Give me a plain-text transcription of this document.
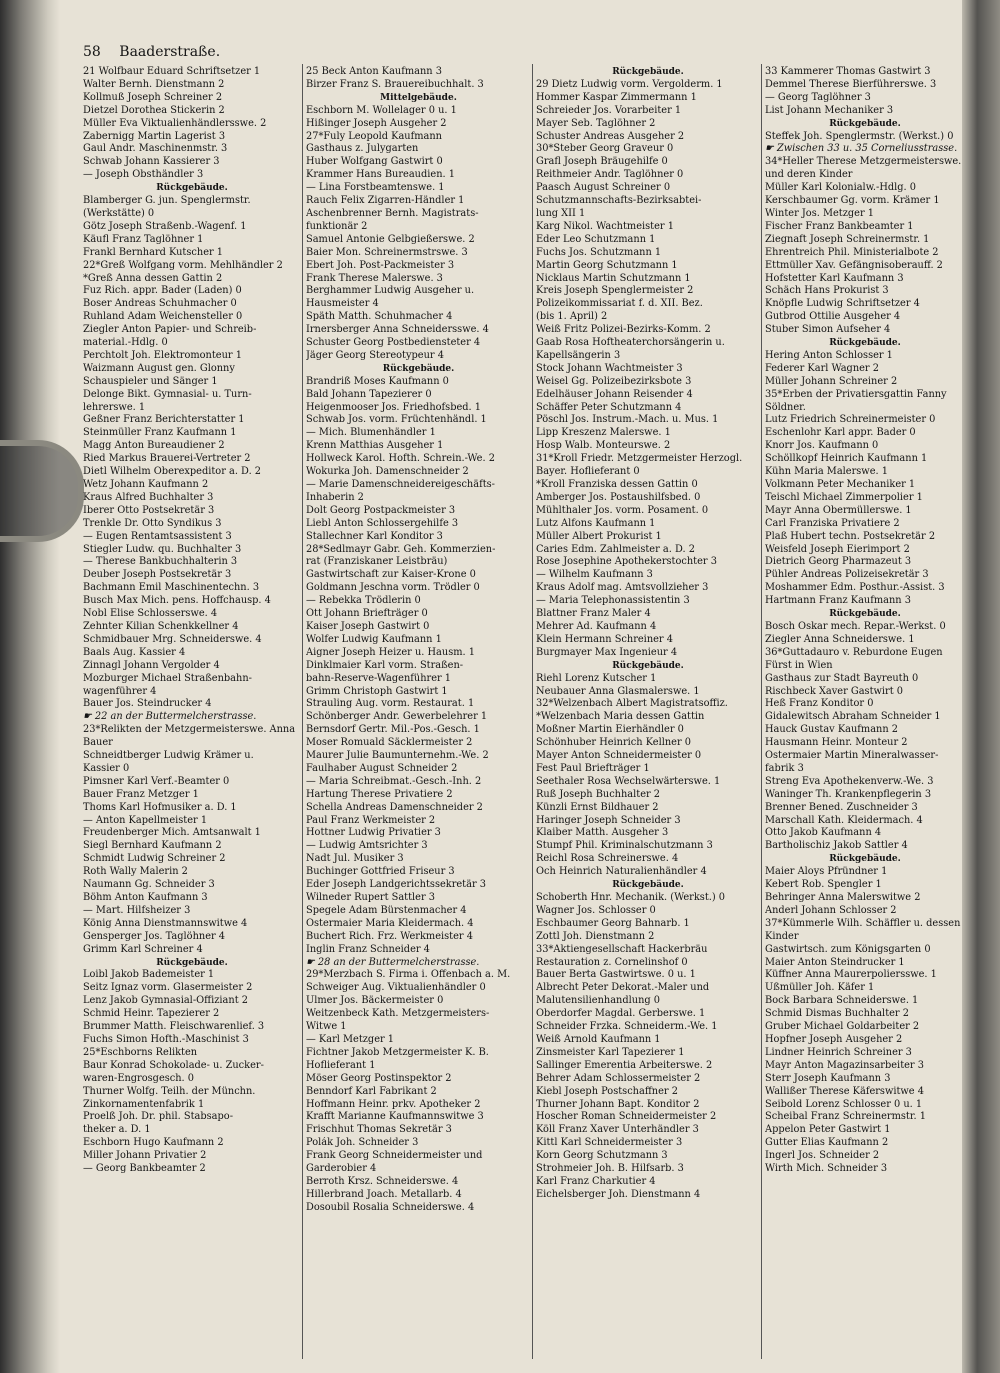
58 Baaderstraße.
21 Wolfbaur Eduard Schriftsetzer 1
Walter Bernh. Dienstmann 2
Kollmuß Joseph Schreiner 2
Dietzel Dorothea Stickerin 2
Müller Eva Viktualienhändlersswe. 2
Zabernigg Martin Lagerist 3
Gaul Andr. Maschinenmstr. 3
Schwab Johann Kassierer 3
— Joseph Obsthändler 3
Rückgebäude.
Blamberger G. jun. Spenglermstr.
(Werkstätte) 0
Götz Joseph Straßenb.-Wagenf. 1
Käufl Franz Taglöhner 1
Frankl Bernhard Kutscher 1
22*Greß Wolfgang vorm. Mehlhändler 2
*Greß Anna dessen Gattin 2
Fuz Rich. appr. Bader (Laden) 0
Boser Andreas Schuhmacher 0
Ruhland Adam Weichensteller 0
Ziegler Anton Papier- und Schreib-
material.-Hdlg. 0
Perchtolt Joh. Elektromonteur 1
Waizmann August gen. Glonny
Schauspieler und Sänger 1
Delonge Bikt. Gymnasial- u. Turn-
lehrerswe. 1
Geßner Franz Berichterstatter 1
Steinmüller Franz Kaufmann 1
Magg Anton Bureaudiener 2
Ried Markus Brauerei-Vertreter 2
Dietl Wilhelm Oberexpeditor a. D. 2
Wetz Johann Kaufmann 2
Kraus Alfred Buchhalter 3
Iberer Otto Postsekretär 3
Trenkle Dr. Otto Syndikus 3
— Eugen Rentamtsassistent 3
Stiegler Ludw. qu. Buchhalter 3
— Therese Bankbuchhalterin 3
Deuber Joseph Postsekretär 3
Bachmann Emil Maschinentechn. 3
Busch Max Mich. pens. Hoffchausp. 4
Nobl Elise Schlosserswe. 4
Zehnter Kilian Schenkkellner 4
Schmidbauer Mrg. Schneiderswe. 4
Baals Aug. Kassier 4
Zinnagl Johann Vergolder 4
Mozburger Michael Straßenbahn-
wagenführer 4
Bauer Jos. Steindrucker 4
☛ 22 an der Buttermelcherstrasse.
23*Relikten der Metzgermeisterswe. Anna
Bauer
Schneidtberger Ludwig Krämer u.
Kassier 0
Pimsner Karl Verf.-Beamter 0
Bauer Franz Metzger 1
Thoms Karl Hofmusiker a. D. 1
— Anton Kapellmeister 1
Freudenberger Mich. Amtsanwalt 1
Siegl Bernhard Kaufmann 2
Schmidt Ludwig Schreiner 2
Roth Wally Malerin 2
Naumann Gg. Schneider 3
Böhm Anton Kaufmann 3
— Mart. Hilfsheizer 3
König Anna Dienstmannswitwe 4
Gensperger Jos. Taglöhner 4
Grimm Karl Schreiner 4
Rückgebäude.
Loibl Jakob Bademeister 1
Seitz Ignaz vorm. Glasermeister 2
Lenz Jakob Gymnasial-Offiziant 2
Schmid Heinr. Tapezierer 2
Brummer Matth. Fleischwarenlief. 3
Fuchs Simon Hofth.-Maschinist 3
25*Eschborns Relikten
Baur Konrad Schokolade- u. Zucker-
waren-Engrosgesch. 0
Thurner Wolfg. Teilh. der Münchn.
Zinkornamentenfabrik 1
Proelß Joh. Dr. phil. Stabsapo-
theker a. D. 1
Eschborn Hugo Kaufmann 2
Miller Johann Privatier 2
— Georg Bankbeamter 2
25 Beck Anton Kaufmann 3
Birzer Franz S. Brauereibuchhalt. 3
Mittelgebäude.
Eschborn M. Wollelager 0 u. 1
Hißinger Joseph Ausgeher 2
27*Fuly Leopold Kaufmann
Gasthaus z. Julygarten
Huber Wolfgang Gastwirt 0
Krammer Hans Bureaudien. 1
— Lina Forstbeamtenswe. 1
Rauch Felix Zigarren-Händler 1
Aschenbrenner Bernh. Magistrats-
funktionär 2
Samuel Antonie Gelbgießerswe. 2
Baier Mon. Schreinermstrswe. 3
Ebert Joh. Post-Packmeister 3
Frank Therese Malerswe. 3
Berghammer Ludwig Ausgeher u.
Hausmeister 4
Späth Matth. Schuhmacher 4
Irnersberger Anna Schneidersswe. 4
Schuster Georg Postbediensteter 4
Jäger Georg Stereotypeur 4
Rückgebäude.
Brandriß Moses Kaufmann 0
Bald Johann Tapezierer 0
Heigenmooser Jos. Friedhofsbed. 1
Schwab Jos. vorm. Früchtenhändl. 1
— Mich. Blumenhändler 1
Krenn Matthias Ausgeher 1
Hollweck Karol. Hofth. Schrein.-We. 2
Wokurka Joh. Damenschneider 2
— Marie Damenschneidereigeschäfts-
Inhaberin 2
Dolt Georg Postpackmeister 3
Liebl Anton Schlossergehilfe 3
Stallechner Karl Konditor 3
28*Sedlmayr Gabr. Geh. Kommerzien-
rat (Franziskaner Leistbräu)
Gastwirtschaft zur Kaiser-Krone 0
Goldmann Jeschna vorm. Trödler 0
— Rebekka Trödlerin 0
Ott Johann Briefträger 0
Kaiser Joseph Gastwirt 0
Wolfer Ludwig Kaufmann 1
Aigner Joseph Heizer u. Hausm. 1
Dinklmaier Karl vorm. Straßen-
bahn-Reserve-Wagenführer 1
Grimm Christoph Gastwirt 1
Strauling Aug. vorm. Restaurat. 1
Schönberger Andr. Gewerbelehrer 1
Bernsdorf Gertr. Mil.-Pos.-Gesch. 1
Moser Romuald Säcklermeister 2
Maurer Julie Baumunternehm.-We. 2
Faulhaber August Schneider 2
— Maria Schreibmat.-Gesch.-Inh. 2
Hartung Therese Privatiere 2
Schella Andreas Damenschneider 2
Paul Franz Werkmeister 2
Hottner Ludwig Privatier 3
— Ludwig Amtsrichter 3
Nadt Jul. Musiker 3
Buchinger Gottfried Friseur 3
Eder Joseph Landgerichtssekretär 3
Wilneder Rupert Sattler 3
Spegele Adam Bürstenmacher 4
Ostermaier Maria Kleidermach. 4
Buchert Rich. Frz. Werkmeister 4
Inglin Franz Schneider 4
☛ 28 an der Buttermelcherstrasse.
29*Merzbach S. Firma i. Offenbach a. M.
Schweiger Aug. Viktualienhändler 0
Ulmer Jos. Bäckermeister 0
Weitzenbeck Kath. Metzgermeisters-
Witwe 1
— Karl Metzger 1
Fichtner Jakob Metzgermeister K. B.
Hoflieferant 1
Möser Georg Postinspektor 2
Benndorf Karl Fabrikant 2
Hoffmann Heinr. prkv. Apotheker 2
Krafft Marianne Kaufmannswitwe 3
Frischhut Thomas Sekretär 3
Polák Joh. Schneider 3
Frank Georg Schneidermeister und
Garderobier 4
Berroth Krsz. Schneiderswe. 4
Hillerbrand Joach. Metallarb. 4
Dosoubil Rosalia Schneiderswe. 4
Rückgebäude.
29 Dietz Ludwig vorm. Vergolderm. 1
Hommer Kaspar Zimmermann 1
Schreieder Jos. Vorarbeiter 1
Mayer Seb. Taglöhner 2
Schuster Andreas Ausgeher 2
30*Steber Georg Graveur 0
Grafl Joseph Bräugehilfe 0
Reithmeier Andr. Taglöhner 0
Paasch August Schreiner 0
Schutzmannschafts-Bezirksabtei-
lung XII 1
Karg Nikol. Wachtmeister 1
Eder Leo Schutzmann 1
Fuchs Jos. Schutzmann 1
Martin Georg Schutzmann 1
Nicklaus Martin Schutzmann 1
Kreis Joseph Spenglermeister 2
Polizeikommissariat f. d. XII. Bez.
(bis 1. April) 2
Weiß Fritz Polizei-Bezirks-Komm. 2
Gaab Rosa Hoftheaterchorsängerin u.
Kapellsängerin 3
Stock Johann Wachtmeister 3
Weisel Gg. Polizeibezirksbote 3
Edelhäuser Johann Reisender 4
Schäffer Peter Schutzmann 4
Pöschl Jos. Instrum.-Mach. u. Mus. 1
Lipp Kreszenz Malerswe. 1
Hosp Walb. Monteurswe. 2
31*Kroll Friedr. Metzgermeister Herzogl.
Bayer. Hoflieferant 0
*Kroll Franziska dessen Gattin 0
Amberger Jos. Postaushilfsbed. 0
Mühlthaler Jos. vorm. Posament. 0
Lutz Alfons Kaufmann 1
Müller Albert Prokurist 1
Caries Edm. Zahlmeister a. D. 2
Rose Josephine Apothekerstochter 3
— Wilhelm Kaufmann 3
Kraus Adolf mag. Amtsvollzieher 3
— Maria Telephonassistentin 3
Blattner Franz Maler 4
Mehrer Ad. Kaufmann 4
Klein Hermann Schreiner 4
Burgmayer Max Ingenieur 4
Rückgebäude.
Riehl Lorenz Kutscher 1
Neubauer Anna Glasmalerswe. 1
32*Welzenbach Albert Magistratsoffiz.
*Welzenbach Maria dessen Gattin
Moßner Martin Eierhändler 0
Schönhuber Heinrich Kellner 0
Mayer Anton Schneidermeister 0
Fest Paul Briefträger 1
Seethaler Rosa Wechselwärterswe. 1
Ruß Joseph Buchhalter 2
Künzli Ernst Bildhauer 2
Haringer Joseph Schneider 3
Klaiber Matth. Ausgeher 3
Stumpf Phil. Kriminalschutzmann 3
Reichl Rosa Schreinerswe. 4
Och Heinrich Naturalienhändler 4
Rückgebäude.
Schoberth Hnr. Mechanik. (Werkst.) 0
Wagner Jos. Schlosser 0
Eschbaumer Georg Bahnarb. 1
Zottl Joh. Dienstmann 2
33*Aktiengesellschaft Hackerbräu
Restauration z. Cornelinshof 0
Bauer Berta Gastwirtswe. 0 u. 1
Albrecht Peter Dekorat.-Maler und
Malutensilienhandlung 0
Oberdorfer Magdal. Gerberswe. 1
Schneider Frzka. Schneiderm.-We. 1
Weiß Arnold Kaufmann 1
Zinsmeister Karl Tapezierer 1
Sallinger Emerentia Arbeiterswe. 2
Behrer Adam Schlossermeister 2
Kiebl Joseph Postschaffner 2
Thurner Johann Bapt. Konditor 2
Hoscher Roman Schneidermeister 2
Köll Franz Xaver Unterhändler 3
Kittl Karl Schneidermeister 3
Korn Georg Schutzmann 3
Strohmeier Joh. B. Hilfsarb. 3
Karl Franz Charkutier 4
Eichelsberger Joh. Dienstmann 4
33 Kammerer Thomas Gastwirt 3
Demmel Therese Bierführerswe. 3
— Georg Taglöhner 3
List Johann Mechaniker 3
Rückgebäude.
Steffek Joh. Spenglermstr. (Werkst.) 0
☛ Zwischen 33 u. 35 Corneliusstrasse.
34*Heller Therese Metzgermeisterswe.
und deren Kinder
Müller Karl Kolonialw.-Hdlg. 0
Kerschbaumer Gg. vorm. Krämer 1
Winter Jos. Metzger 1
Fischer Franz Bankbeamter 1
Ziegnaft Joseph Schreinermstr. 1
Ehrentreich Phil. Ministerialbote 2
Ettmüller Xav. Gefängnisoberauff. 2
Hofstetter Karl Kaufmann 3
Schäch Hans Prokurist 3
Knöpfle Ludwig Schriftsetzer 4
Gutbrod Ottilie Ausgeher 4
Stuber Simon Aufseher 4
Rückgebäude.
Hering Anton Schlosser 1
Federer Karl Wagner 2
Müller Johann Schreiner 2
35*Erben der Privatiersgattin Fanny
Söldner.
Lutz Friedrich Schreinermeister 0
Eschenlohr Karl appr. Bader 0
Knorr Jos. Kaufmann 0
Schöllkopf Heinrich Kaufmann 1
Kühn Maria Malerswe. 1
Volkmann Peter Mechaniker 1
Teischl Michael Zimmerpolier 1
Mayr Anna Obermüllerswe. 1
Carl Franziska Privatiere 2
Plaß Hubert techn. Postsekretär 2
Weisfeld Joseph Eierimport 2
Dietrich Georg Pharmazeut 3
Pühler Andreas Polizeisekretär 3
Moshammer Edm. Posthur.-Assist. 3
Hartmann Franz Kaufmann 3
Rückgebäude.
Bosch Oskar mech. Repar.-Werkst. 0
Ziegler Anna Schneiderswe. 1
36*Guttadauro v. Reburdone Eugen
Fürst in Wien
Gasthaus zur Stadt Bayreuth 0
Rischbeck Xaver Gastwirt 0
Heß Franz Konditor 0
Gidalewitsch Abraham Schneider 1
Hauck Gustav Kaufmann 2
Hausmann Heinr. Monteur 2
Ostermaier Martin Mineralwasser-
fabrik 3
Streng Eva Apothekenverw.-We. 3
Waninger Th. Krankenpflegerin 3
Brenner Bened. Zuschneider 3
Marschall Kath. Kleidermach. 4
Otto Jakob Kaufmann 4
Bartholischiz Jakob Sattler 4
Rückgebäude.
Maier Aloys Pfründner 1
Kebert Rob. Spengler 1
Behringer Anna Malerswitwe 2
Anderl Johann Schlosser 2
37*Kümmerle Wilh. Schäffler u. dessen
Kinder
Gastwirtsch. zum Königsgarten 0
Maier Anton Steindrucker 1
Küffner Anna Maurerpoliersswe. 1
Ußmüller Joh. Käfer 1
Bock Barbara Schneiderswe. 1
Schmid Dismas Buchhalter 2
Gruber Michael Goldarbeiter 2
Hopfner Joseph Ausgeher 2
Lindner Heinrich Schreiner 3
Mayr Anton Magazinsarbeiter 3
Sterr Joseph Kaufmann 3
Wallißer Therese Käferswitwe 4
Seibold Lorenz Schlosser 0 u. 1
Scheibal Franz Schreinermstr. 1
Appelon Peter Gastwirt 1
Gutter Elias Kaufmann 2
Ingerl Jos. Schneider 2
Wirth Mich. Schneider 3
